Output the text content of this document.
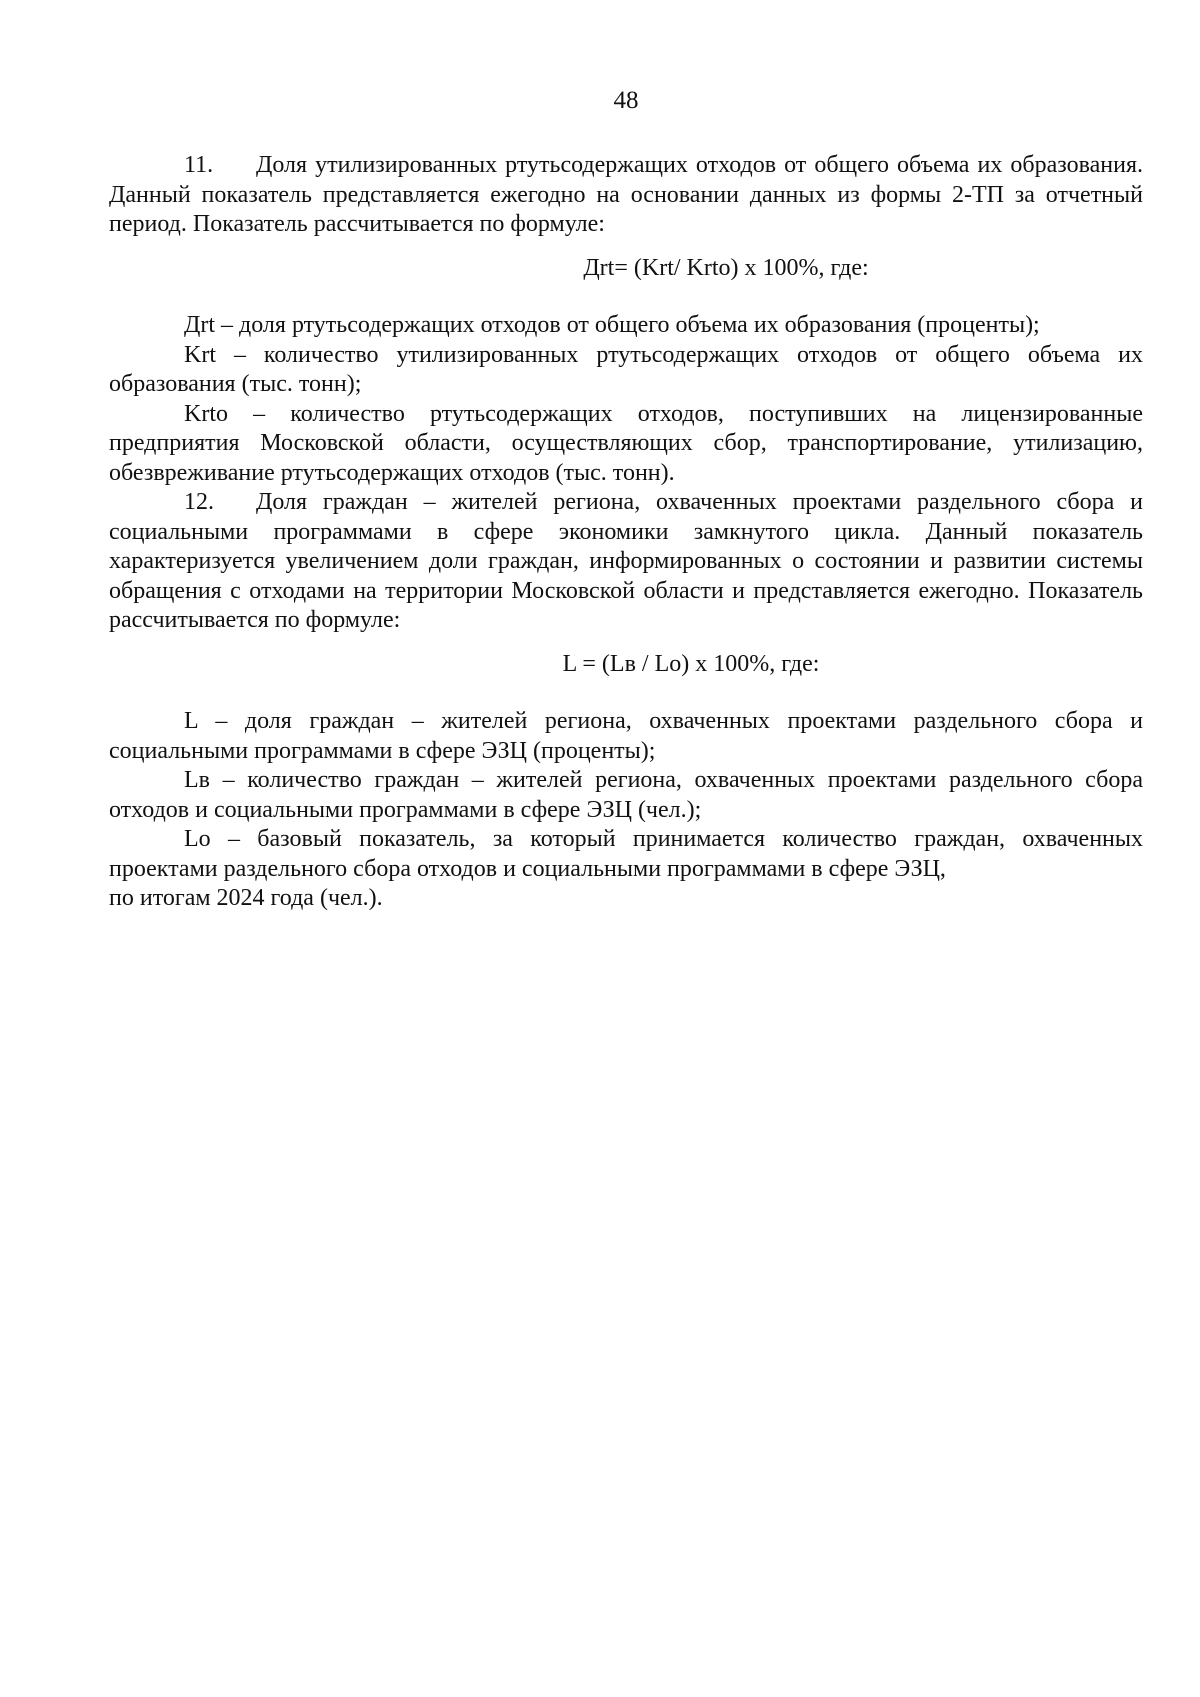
48

11. Доля утилизированных ртутьсодержащих отходов от общего объема их образования. Данный показатель представляется ежегодно на основании данных из формы 2-ТП за отчетный период. Показатель рассчитывается по формуле:

Дrt= (Krt/ Krto) x 100%, где:

Дrt – доля ртутьсодержащих отходов от общего объема их образования (проценты);

Krt – количество утилизированных ртутьсодержащих отходов от общего объема их образования (тыс. тонн);

Krto – количество ртутьсодержащих отходов, поступивших на лицензированные предприятия Московской области, осуществляющих сбор, транспортирование, утилизацию, обезвреживание ртутьсодержащих отходов (тыс. тонн).

12. Доля граждан – жителей региона, охваченных проектами раздельного сбора и социальными программами в сфере экономики замкнутого цикла. Данный показатель характеризуется увеличением доли граждан, информированных о состоянии и развитии системы обращения с отходами на территории Московской области и представляется ежегодно. Показатель рассчитывается по формуле:

L = (Lв / Lо) x 100%, где:

L – доля граждан – жителей региона, охваченных проектами раздельного сбора и социальными программами в сфере ЭЗЦ (проценты);

Lв – количество граждан – жителей региона, охваченных проектами раздельного сбора отходов и социальными программами в сфере ЭЗЦ (чел.);

Lо – базовый показатель, за который принимается количество граждан, охваченных проектами раздельного сбора отходов и социальными программами в сфере ЭЗЦ,

по итогам 2024 года (чел.).
